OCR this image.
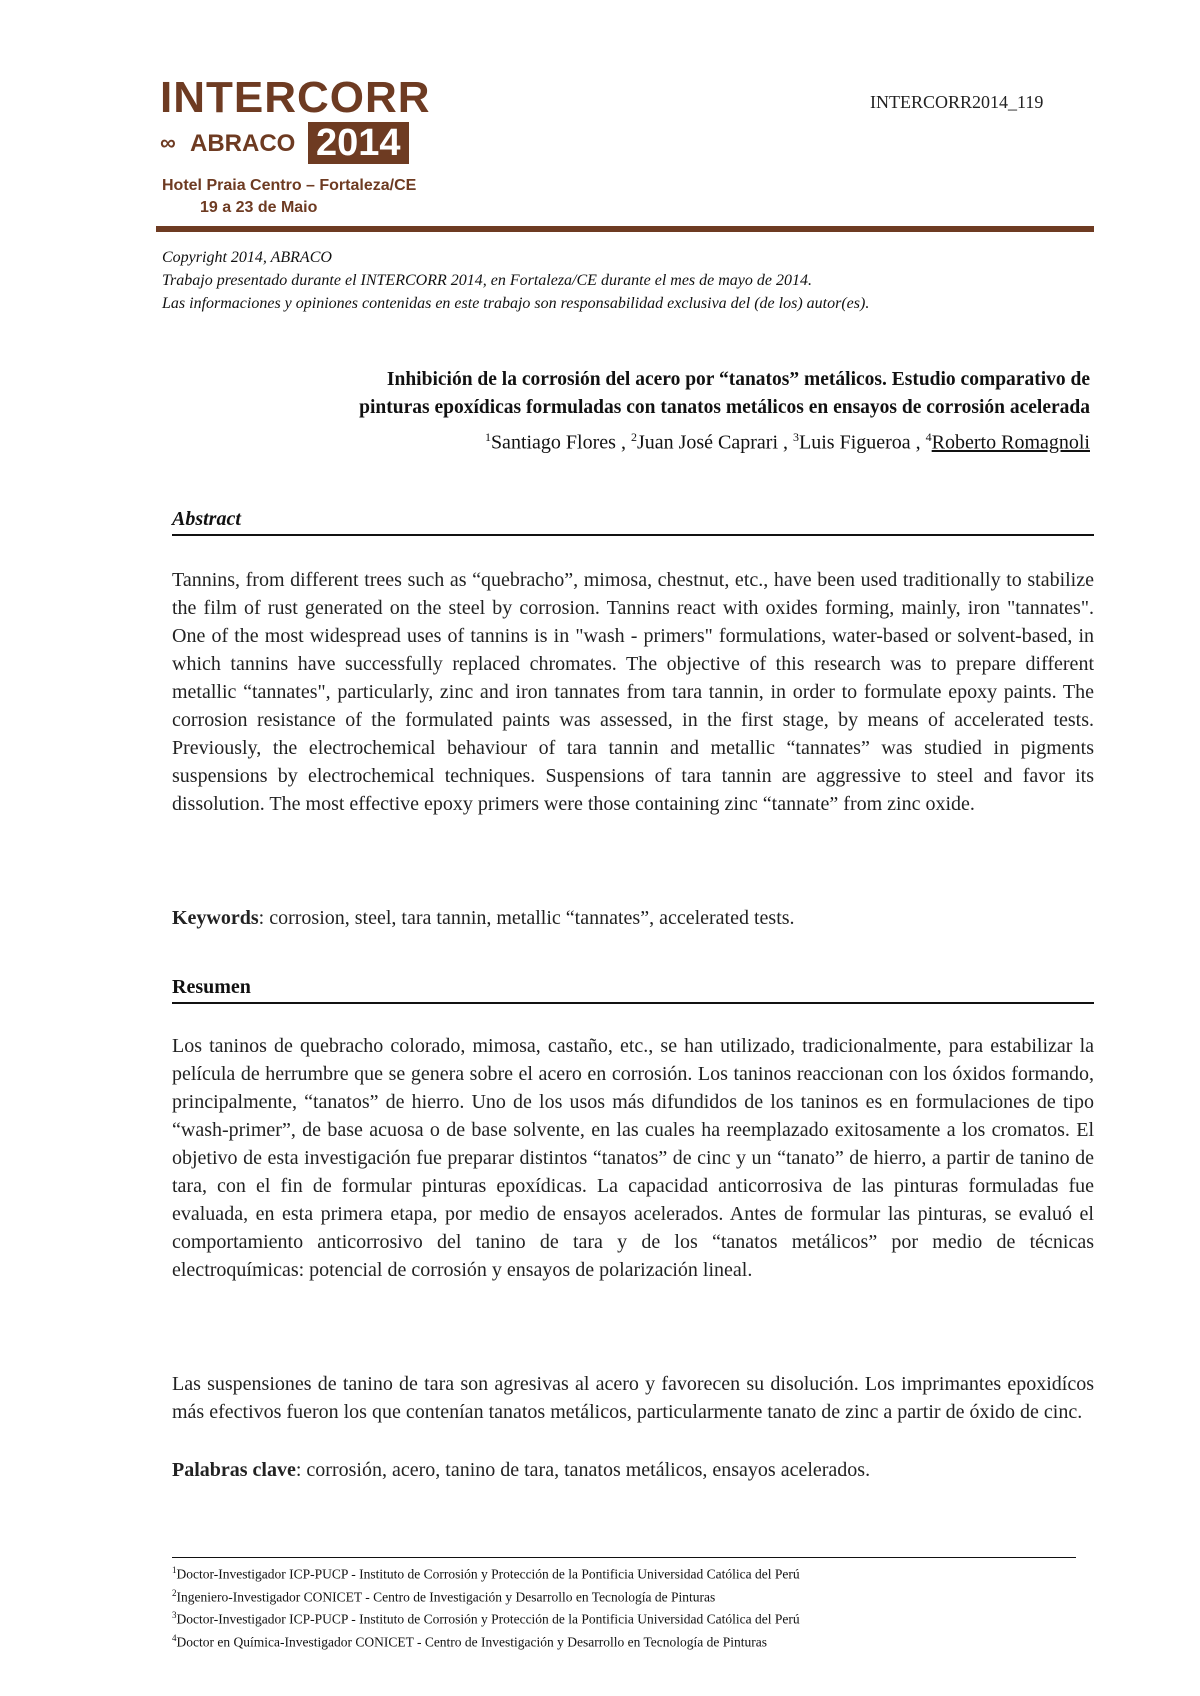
INTERCORR
∞ ABRACO 2014
Hotel Praia Centro – Fortaleza/CE
19 a 23 de Maio
INTERCORR2014_119
Copyright 2014, ABRACO
Trabajo presentado durante el INTERCORR 2014, en Fortaleza/CE durante el mes de mayo de 2014.
Las informaciones y opiniones contenidas en este trabajo son responsabilidad exclusiva del (de los) autor(es).
Inhibición de la corrosión del acero por “tanatos” metálicos. Estudio comparativo de
pinturas epoxídicas formuladas con tanatos metálicos en ensayos de corrosión acelerada
$^1$Santiago Flores , $^2$Juan José Caprari , $^3$Luis Figueroa , $^4$Roberto Romagnoli
Abstract

Tannins, from different trees such as “quebracho”, mimosa, chestnut, etc., have been used traditionally to stabilize the film of rust generated on the steel by corrosion. Tannins react with oxides forming, mainly, iron "tannates". One of the most widespread uses of tannins is in "wash - primers" formulations, water-based or solvent-based, in which tannins have successfully replaced chromates. The objective of this research was to prepare different metallic “tannates", particularly, zinc and iron tannates from tara tannin, in order to formulate epoxy paints. The corrosion resistance of the formulated paints was assessed, in the first stage, by means of accelerated tests. Previously, the electrochemical behaviour of tara tannin and metallic “tannates” was studied in pigments suspensions by electrochemical techniques. Suspensions of tara tannin are aggressive to steel and favor its dissolution. The most effective epoxy primers were those containing zinc “tannate” from zinc oxide.

Keywords: corrosion, steel, tara tannin, metallic “tannates”, accelerated tests.

Resumen

Los taninos de quebracho colorado, mimosa, castaño, etc., se han utilizado, tradicionalmente, para estabilizar la película de herrumbre que se genera sobre el acero en corrosión. Los taninos reaccionan con los óxidos formando, principalmente, “tanatos” de hierro. Uno de los usos más difundidos de los taninos es en formulaciones de tipo “wash-primer”, de base acuosa o de base solvente, en las cuales ha reemplazado exitosamente a los cromatos. El objetivo de esta investigación fue preparar distintos “tanatos” de cinc y un “tanato” de hierro, a partir de tanino de tara, con el fin de formular pinturas epoxídicas. La capacidad anticorrosiva de las pinturas formuladas fue evaluada, en esta primera etapa, por medio de ensayos acelerados. Antes de formular las pinturas, se evaluó el comportamiento anticorrosivo del tanino de tara y de los “tanatos metálicos” por medio de técnicas electroquímicas: potencial de corrosión y ensayos de polarización lineal.

Las suspensiones de tanino de tara son agresivas al acero y favorecen su disolución. Los imprimantes epoxidícos más efectivos fueron los que contenían tanatos metálicos, particularmente tanato de zinc a partir de óxido de cinc.

Palabras clave: corrosión, acero, tanino de tara, tanatos metálicos, ensayos acelerados.

$^1$Doctor-Investigador ICP-PUCP - Instituto de Corrosión y Protección de la Pontificia Universidad Católica del Perú
$^2$Ingeniero-Investigador CONICET - Centro de Investigación y Desarrollo en Tecnología de Pinturas
$^3$Doctor-Investigador ICP-PUCP - Instituto de Corrosión y Protección de la Pontificia Universidad Católica del Perú
$^4$Doctor en Química-Investigador CONICET - Centro de Investigación y Desarrollo en Tecnología de Pinturas
